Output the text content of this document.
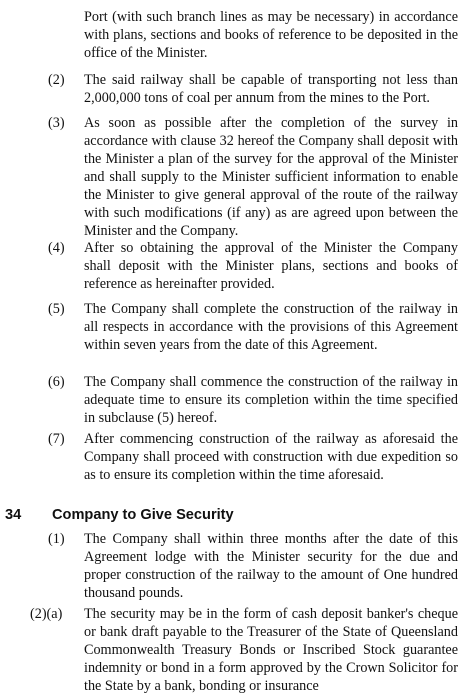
Port (with such branch lines as may be necessary) in accordance with plans, sections and books of reference to be deposited in the office of the Minister.

(2)	The said railway shall be capable of transporting not less than 2,000,000 tons of coal per annum from the mines to the Port.

(3)	As soon as possible after the completion of the survey in accordance with clause 32 hereof the Company shall deposit with the Minister a plan of the survey for the approval of the Minister and shall supply to the Minister sufficient information to enable the Minister to give general approval of the route of the railway with such modifications (if any) as are agreed upon between the Minister and the Company.

(4)	After so obtaining the approval of the Minister the Company shall deposit with the Minister plans, sections and books of reference as hereinafter provided.

(5)	The Company shall complete the construction of the railway in all respects in accordance with the provisions of this Agreement within seven years from the date of this Agreement.

(6)	The Company shall commence the construction of the railway in adequate time to ensure its completion within the time specified in subclause (5) hereof.

(7)	After commencing construction of the railway as aforesaid the Company shall proceed with construction with due expedition so as to ensure its completion within the time aforesaid.

34 Company to Give Security

(1)	The Company shall within three months after the date of this Agreement lodge with the Minister security for the due and proper construction of the railway to the amount of One hundred thousand pounds.

(2)(a) The security may be in the form of cash deposit banker's cheque or bank draft payable to the Treasurer of the State of Queensland Commonwealth Treasury Bonds or Inscribed Stock guarantee indemnity or bond in a form approved by the Crown Solicitor for the State by a bank, bonding or insurance
